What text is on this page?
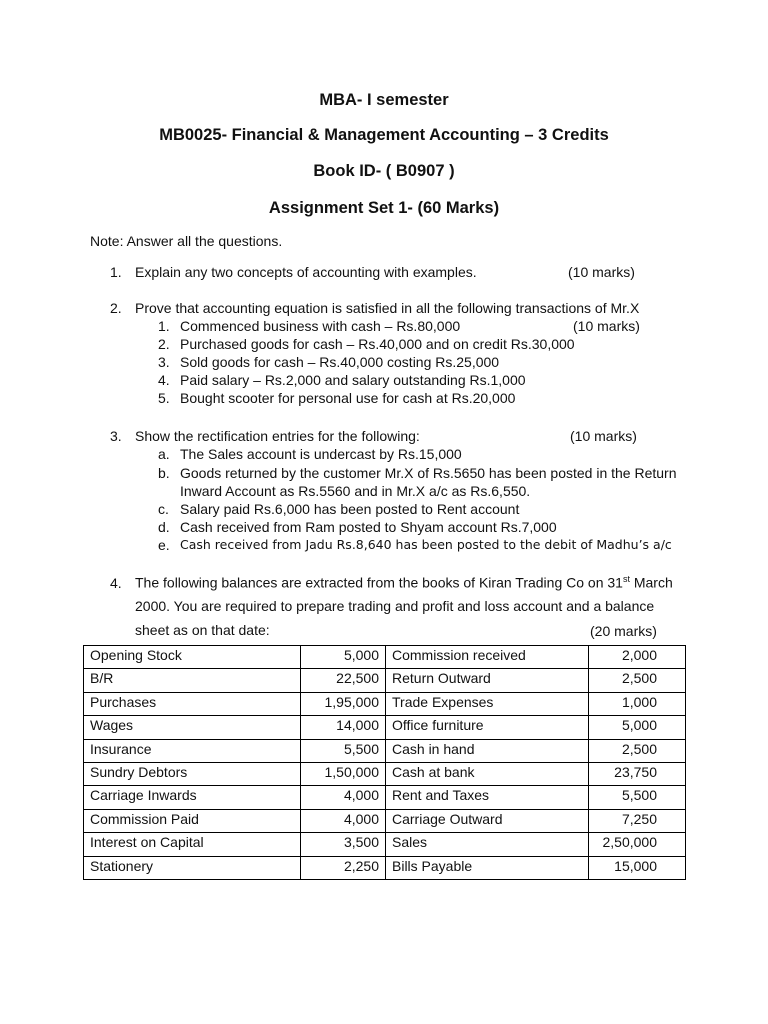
MBA- I semester
MB0025- Financial & Management Accounting – 3 Credits
Book ID- ( B0907 )
Assignment Set 1- (60 Marks)

Note: Answer all the questions.

1. Explain any two concepts of accounting with examples.	(10 marks)
2. Prove that accounting equation is satisfied in all the following transactions of Mr.X
1. Commenced business with cash – Rs.80,000	(10 marks)
2. Purchased goods for cash – Rs.40,000 and on credit Rs.30,000
3. Sold goods for cash – Rs.40,000 costing Rs.25,000
4. Paid salary – Rs.2,000 and salary outstanding Rs.1,000
5. Bought scooter for personal use for cash at Rs.20,000
3. Show the rectification entries for the following:	(10 marks)
a. The Sales account is undercast by Rs.15,000
b. Goods returned by the customer Mr.X of Rs.5650 has been posted in the Return
Inward Account as Rs.5560 and in Mr.X a/c as Rs.6,550.
c. Salary paid Rs.6,000 has been posted to Rent account
d. Cash received from Ram posted to Shyam account Rs.7,000
e. Cash received from Jadu Rs.8,640 has been posted to the debit of Madhu’s a/c
4. The following balances are extracted from the books of Kiran Trading Co on 31st March
2000. You are required to prepare trading and profit and loss account and a balance
sheet as on that date:	(20 marks)
Opening Stock	5,000	Commission received	2,000
B/R	22,500	Return Outward	2,500
Purchases	1,95,000	Trade Expenses	1,000
Wages	14,000	Office furniture	5,000
Insurance	5,500	Cash in hand	2,500
Sundry Debtors	1,50,000	Cash at bank	23,750
Carriage Inwards	4,000	Rent and Taxes	5,500
Commission Paid	4,000	Carriage Outward	7,250
Interest on Capital	3,500	Sales	2,50,000
Stationery	2,250	Bills Payable	15,000
